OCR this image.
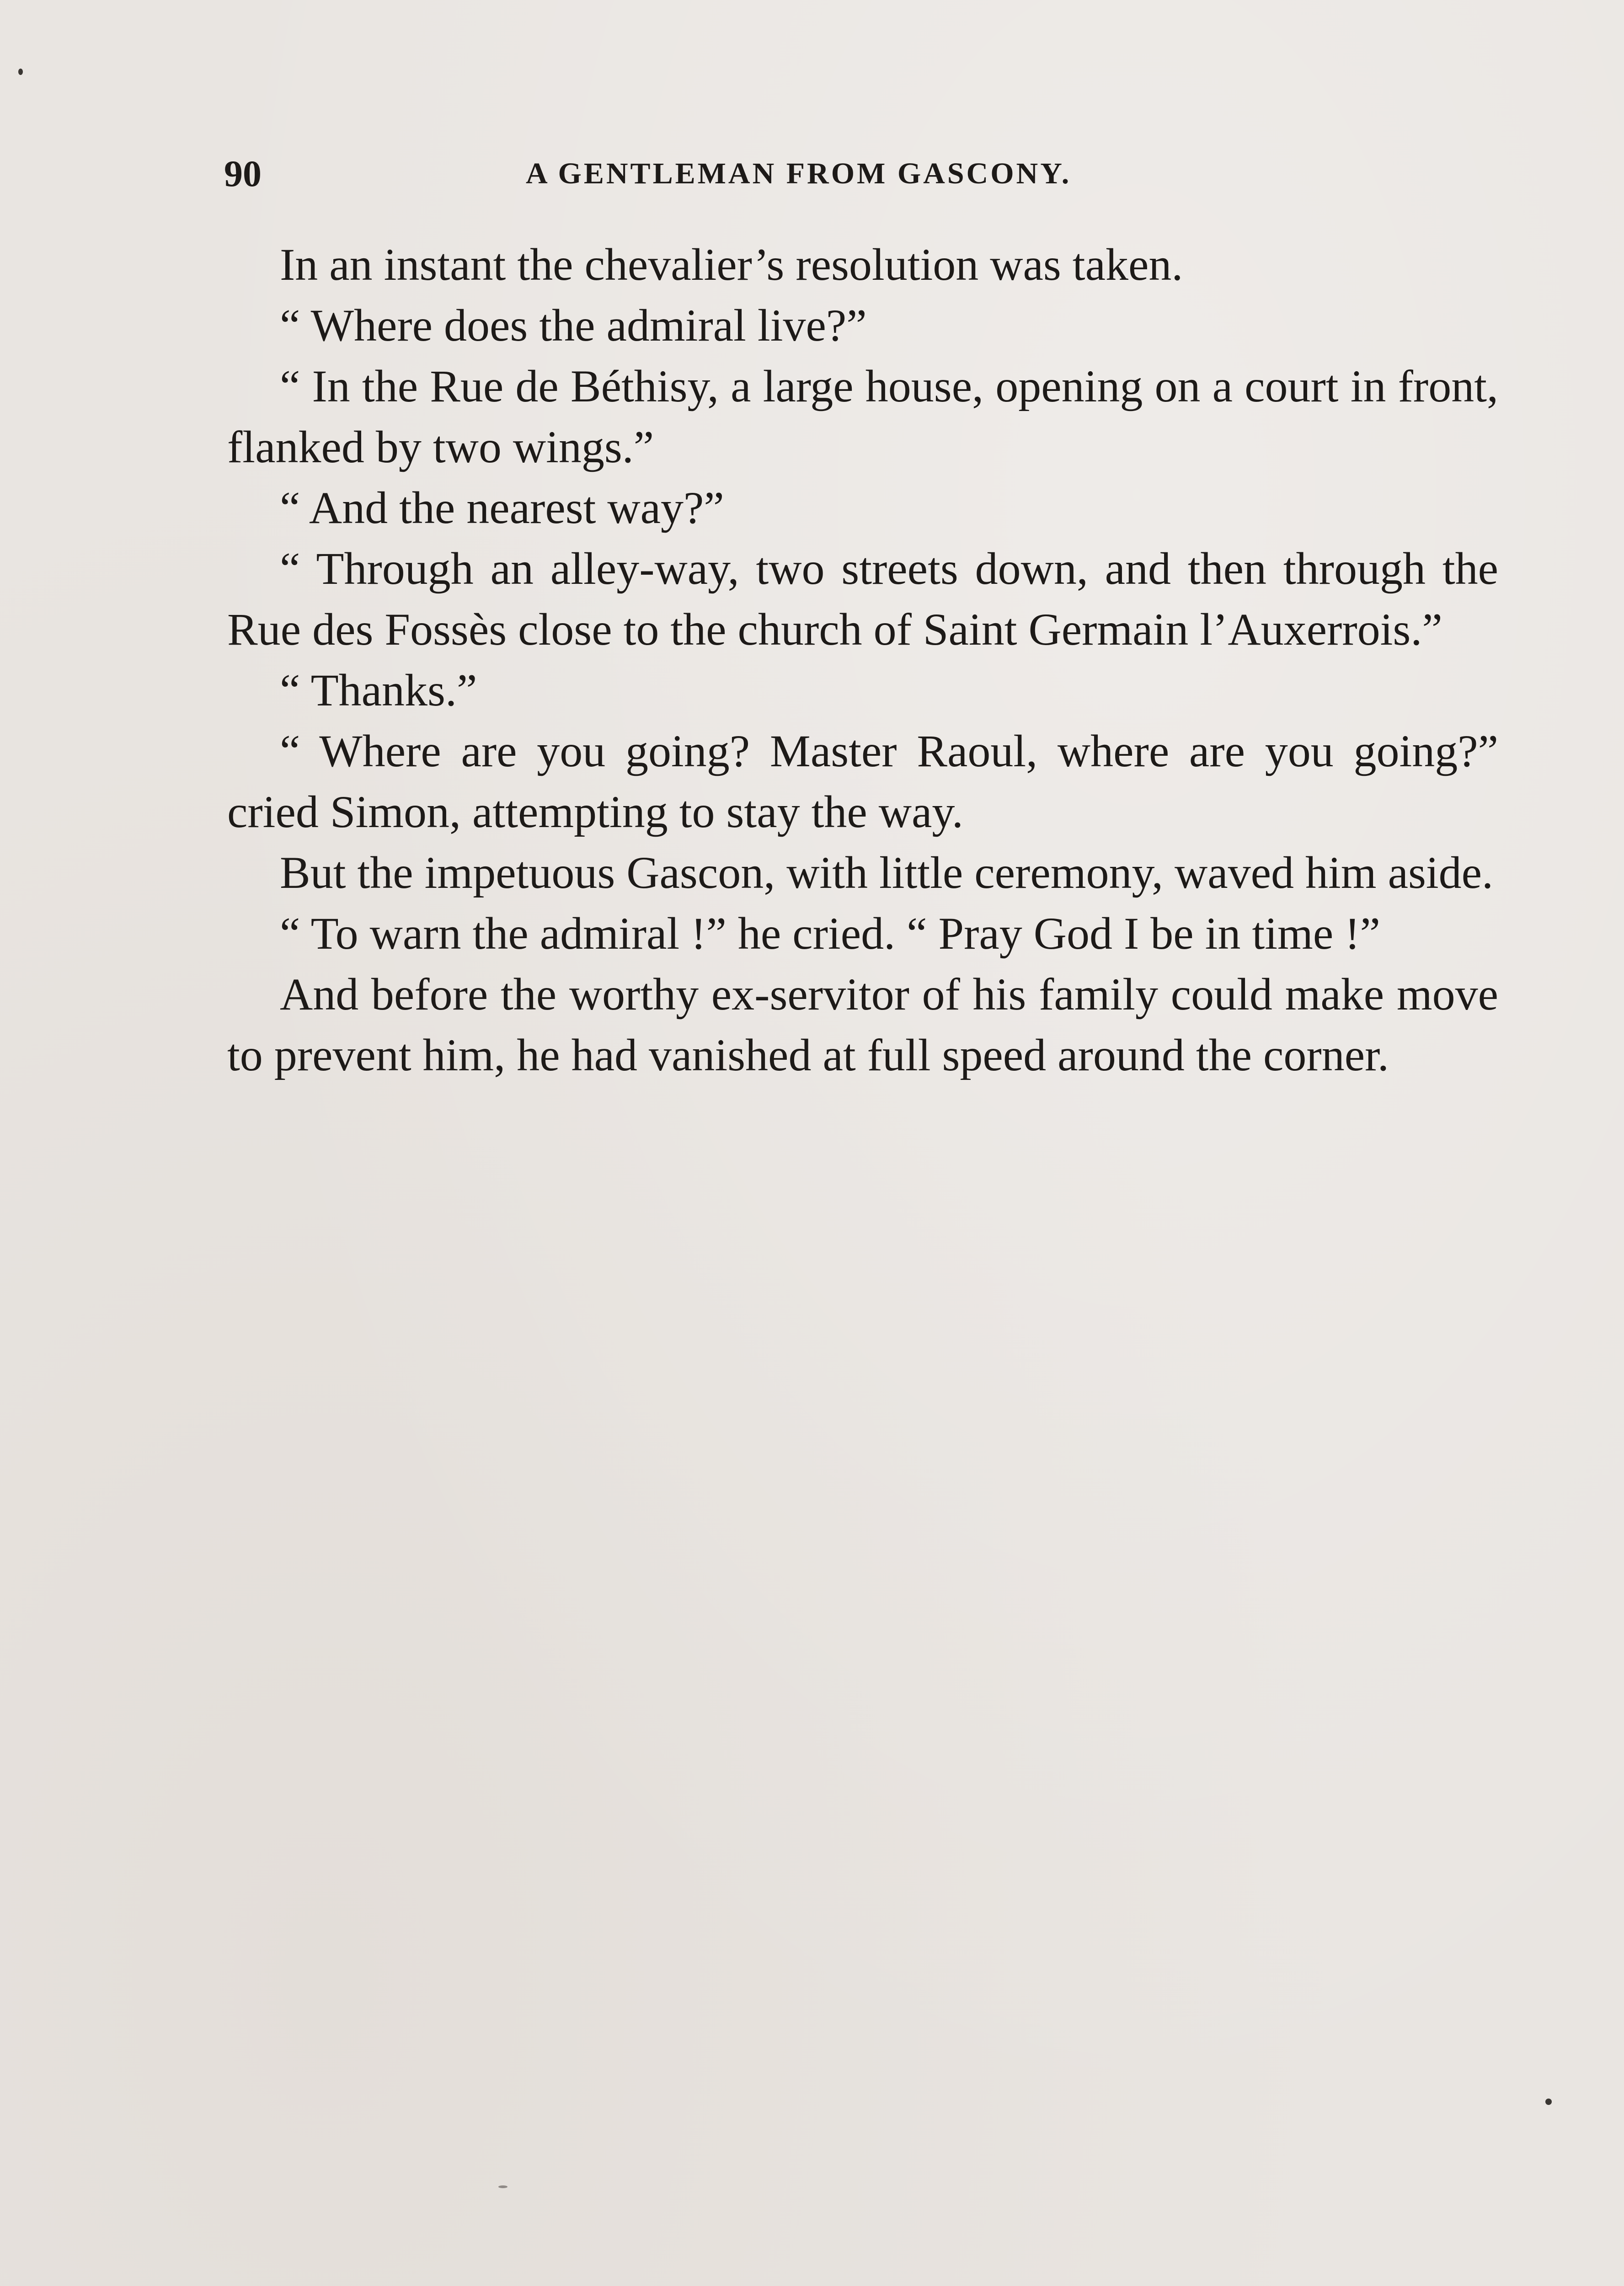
90	A GENTLEMAN FROM GASCONY.

In an instant the chevalier’s resolution was taken.

“ Where does the admiral live?”

“ In the Rue de Béthisy, a large house, opening on a court in front, flanked by two wings.”

“ And the nearest way?”

“ Through an alley-way, two streets down, and then through the Rue des Fossès close to the church of Saint Germain l’Auxerrois.”

“ Thanks.”

“ Where are you going? Master Raoul, where are you going?” cried Simon, attempting to stay the way.

But the impetuous Gascon, with little ceremony, waved him aside.

“ To warn the admiral !” he cried. “ Pray God I be in time !”

And before the worthy ex-servitor of his family could make move to prevent him, he had vanished at full speed around the corner.
